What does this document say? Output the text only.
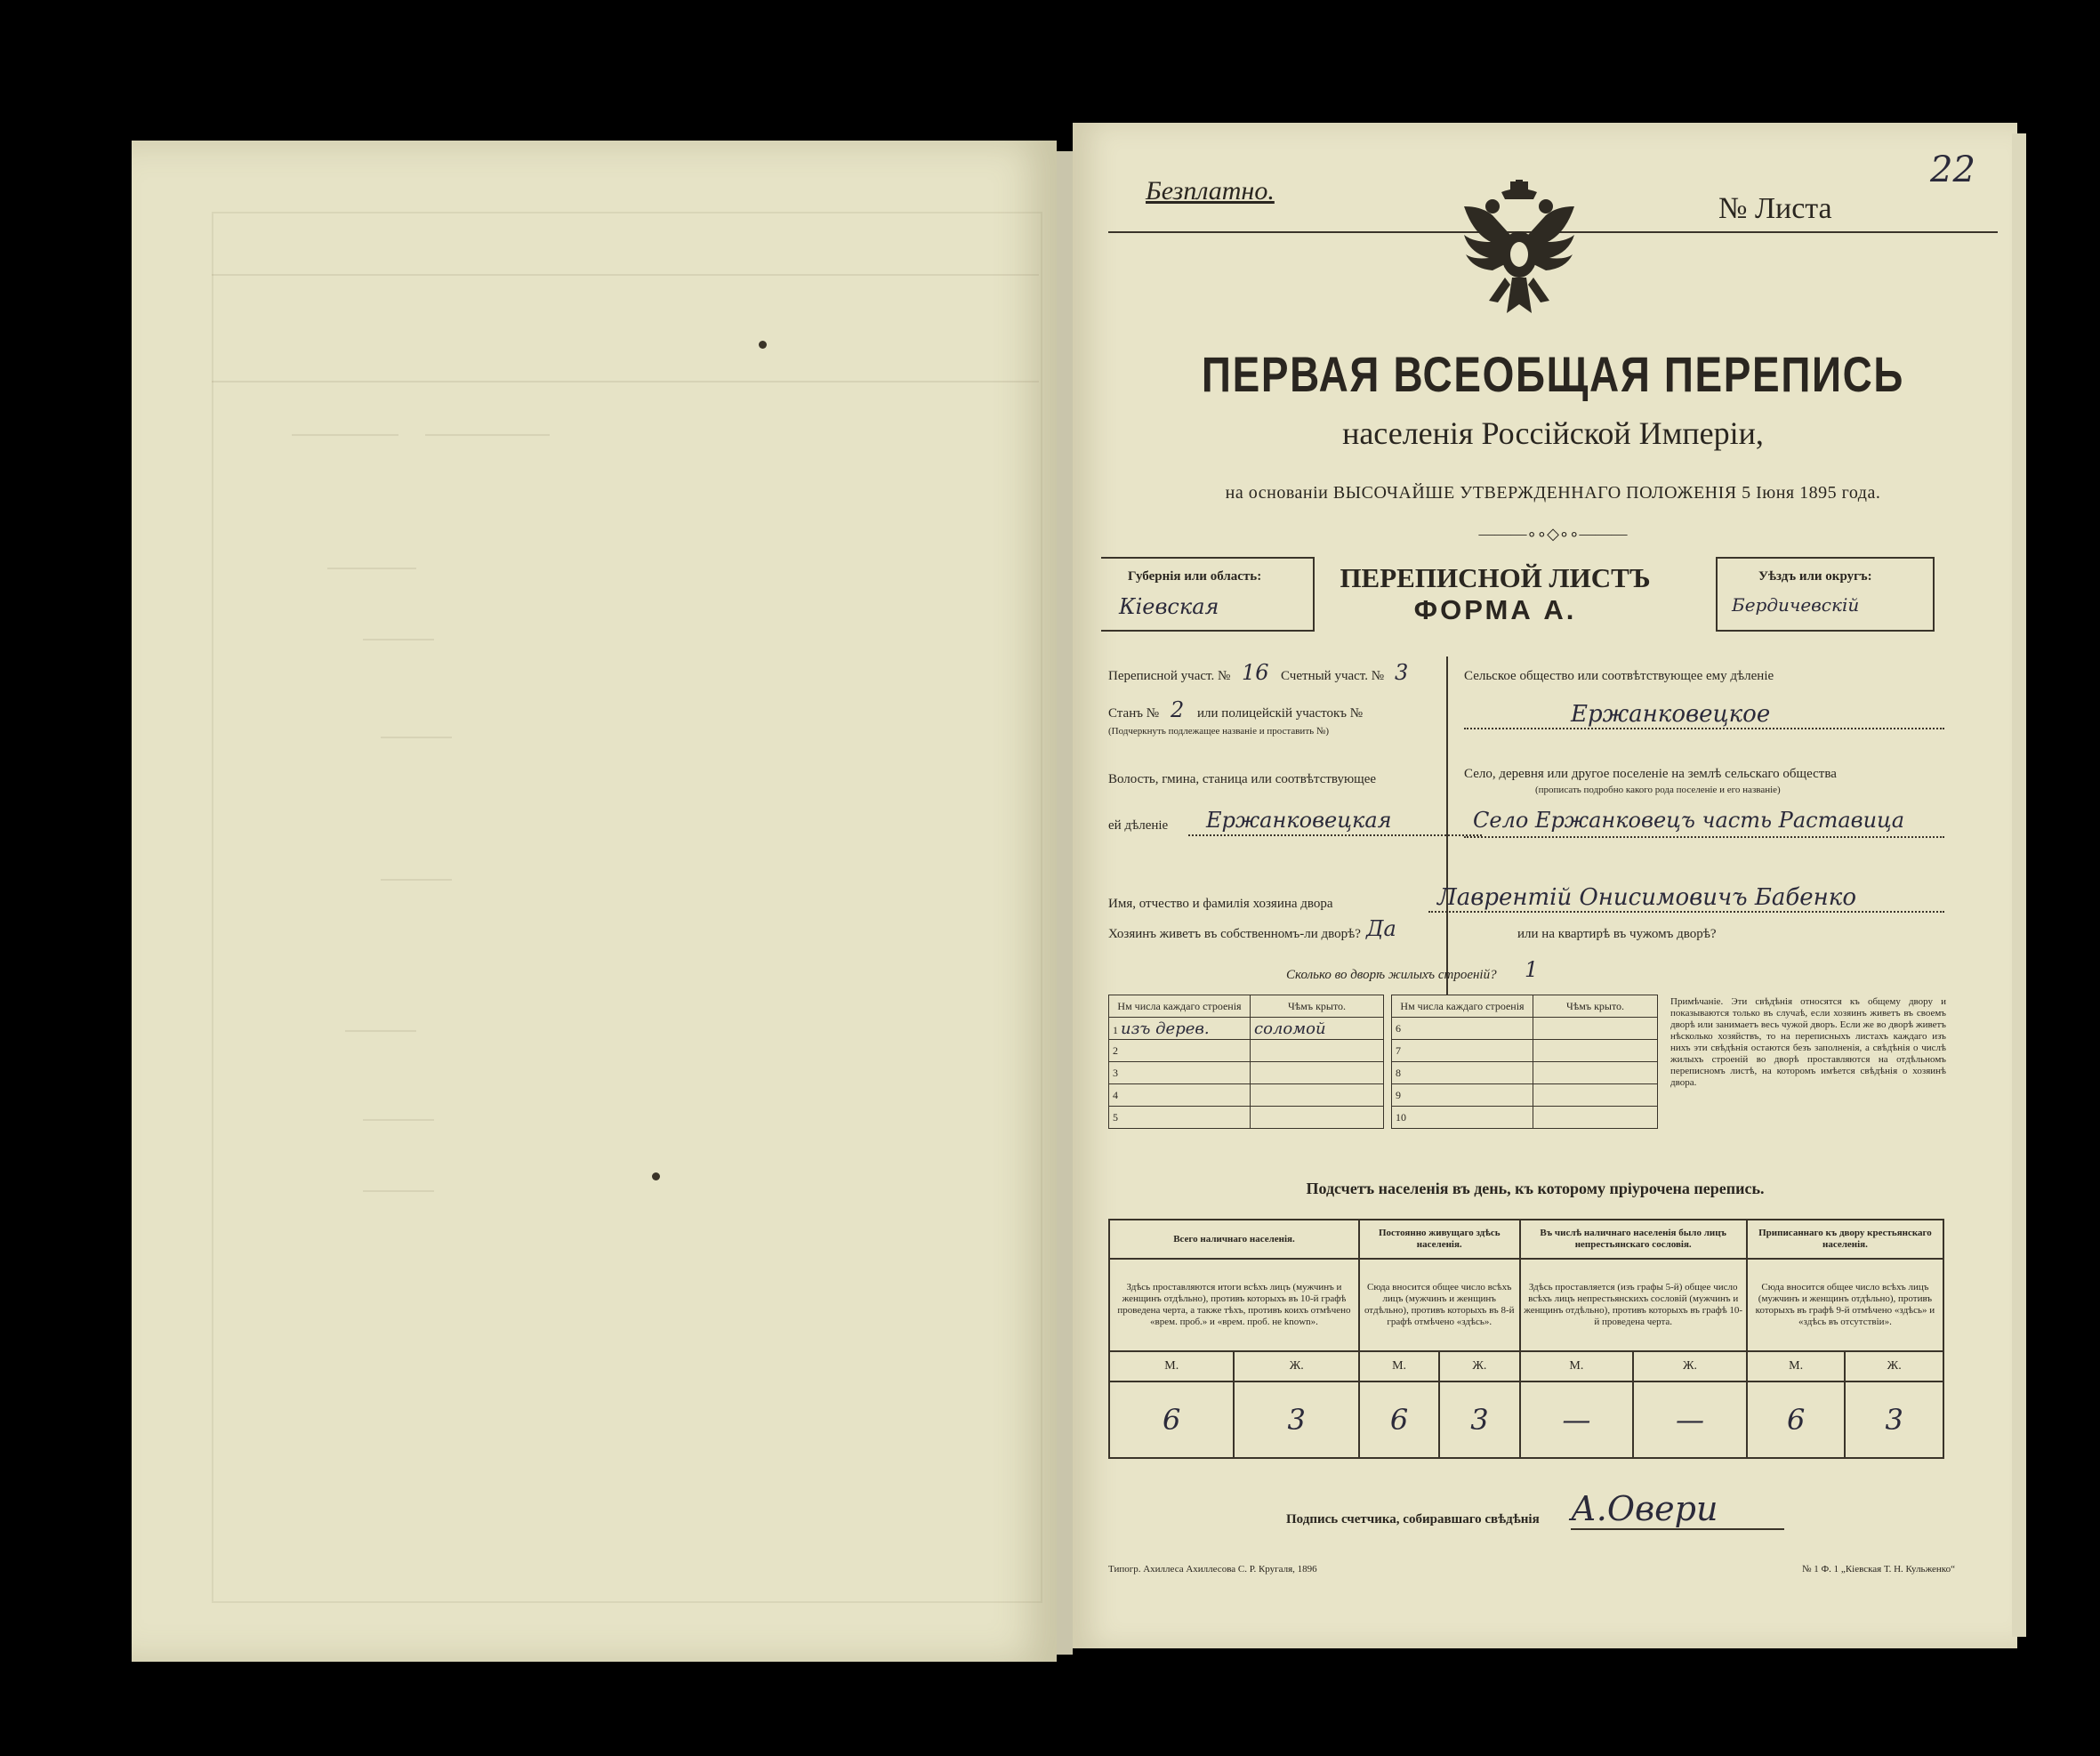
Безплатно.
№ Листа
22
ПЕРВАЯ ВСЕОБЩАЯ ПЕРЕПИСЬ
населенія Россійской Имперіи,
на основаніи ВЫСОЧАЙШЕ УТВЕРЖДЕННАГО ПОЛОЖЕНІЯ 5 Іюня 1895 года.
———∘∘◇∘∘———
Губернія или область:
Кіевская
ПЕРЕПИСНОЙ ЛИСТЪ
ФОРМА А.
Уѣздъ или округъ:
Бердичевскій
Переписной участ. № 16 Счетный участ. № 3
Станъ № 2 или полицейскій участокъ №
(Подчеркнуть подлежащее названіе и проставить №)
Волость, гмина, станица или соотвѣтствующее
ей дѣленіе Ержанковецкая
Сельское общество или соотвѣтствующее ему дѣленіе
Ержанковецкое
Село, деревня или другое поселеніе на землѣ сельскаго общества
(прописать подробно какого рода поселеніе и его названіе)
Село Ержанковецъ часть Раставица
Имя, отчество и фамилія хозяина двора	Лаврентій Онисимовичъ Бабенко
Хозяинъ живетъ въ собственномъ-ли дворѣ? Да	или на квартирѣ въ чужомъ дворѣ?
Сколько во дворѣ жилыхъ строеній? 1
Нм числа каждаго строенія	Чѣмъ крыто.
1 изъ дерев.	соломой
2	
3	
4	
5	
Нм числа каждаго строенія	Чѣмъ крыто.
6	
7	
8	
9	
10	
Примѣчаніе. Эти свѣдѣнія относятся къ общему двору и показываются только въ случаѣ, если хозяинъ живетъ въ своемъ дворѣ или занимаетъ весь чужой дворъ. Если же во дворѣ живетъ нѣсколько хозяйствъ, то на переписныхъ листахъ каждаго изъ нихъ эти свѣдѣнія остаются безъ заполненія, а свѣдѣнія о числѣ жилыхъ строеній во дворѣ проставляются на отдѣльномъ переписномъ листѣ, на которомъ имѣется свѣдѣнія о хозяинѣ двора.
Подсчетъ населенія въ день, къ которому пріурочена перепись.
Всего наличнаго населенія.		Постоянно живущаго здѣсь населенія.		Въ числѣ наличнаго населенія было лицъ непрестьянскаго сословія.		Приписаннаго къ двору крестьянскаго населенія.	
Здѣсь проставляются итоги всѣхъ лицъ (мужчинъ и женщинъ отдѣльно), противъ которыхъ въ 10-й графѣ проведена черта, а также тѣхъ, противъ коихъ отмѣчено «врем. проб.» и «врем. проб. не known».		Сюда вносится общее число всѣхъ лицъ (мужчинъ и женщинъ отдѣльно), противъ которыхъ въ 8-й графѣ отмѣчено «здѣсь».		Здѣсь проставляется (изъ графы 5-й) общее число всѣхъ лицъ непрестьянскихъ сословій (мужчинъ и женщинъ отдѣльно), противъ которыхъ въ графѣ 10-й проведена черта.		Сюда вносится общее число всѣхъ лицъ (мужчинъ и женщинъ отдѣльно), противъ которыхъ въ графѣ 9-й отмѣчено «здѣсь» и «здѣсь въ отсутствіи».	
М.	Ж.	М.	Ж.	М.	Ж.	М.	Ж.
6	3	6	3	—	—	6	3
Подпись счетчика, собиравшаго свѣдѣнія А.Овери
Типогр. Ахиллеса Ахиллесова С. Р. Кругаля, 1896	№ 1 Ф. 1 „Кіевская Т. Н. Кульженко“
